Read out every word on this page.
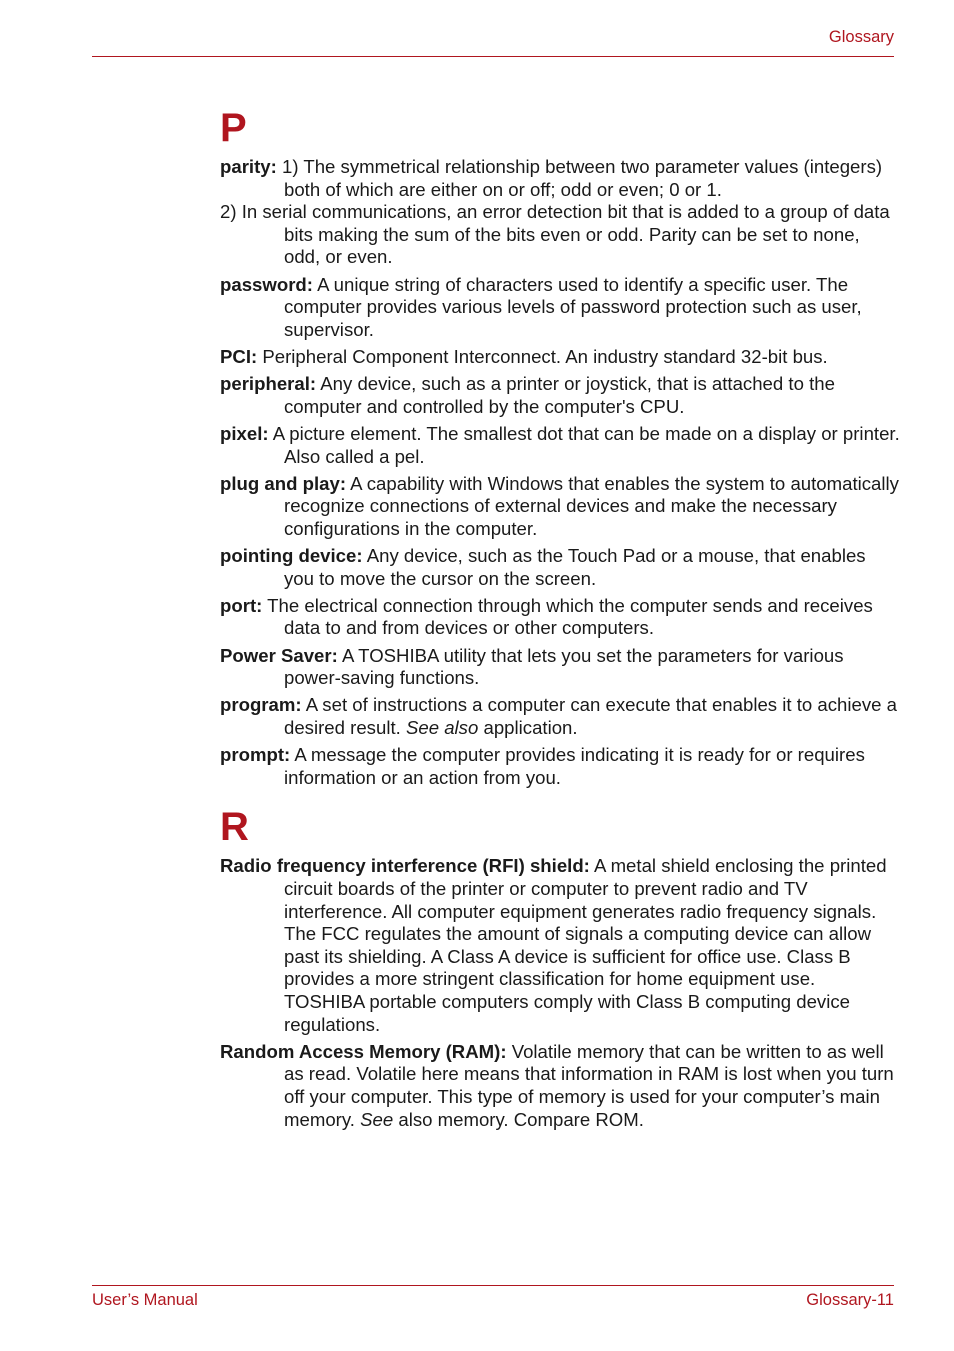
Glossary
P

parity: 1) The symmetrical relationship between two parameter values (integers) both of which are either on or off; odd or even; 0 or 1.
2) In serial communications, an error detection bit that is added to a group of data bits making the sum of the bits even or odd. Parity can be set to none, odd, or even.

password: A unique string of characters used to identify a specific user. The computer provides various levels of password protection such as user, supervisor.

PCI: Peripheral Component Interconnect. An industry standard 32-bit bus.

peripheral: Any device, such as a printer or joystick, that is attached to the computer and controlled by the computer's CPU.

pixel: A picture element. The smallest dot that can be made on a display or printer. Also called a pel.

plug and play: A capability with Windows that enables the system to automatically recognize connections of external devices and make the necessary configurations in the computer.

pointing device: Any device, such as the Touch Pad or a mouse, that enables you to move the cursor on the screen.

port: The electrical connection through which the computer sends and receives data to and from devices or other computers.

Power Saver: A TOSHIBA utility that lets you set the parameters for various power-saving functions.

program: A set of instructions a computer can execute that enables it to achieve a desired result. See also application.

prompt: A message the computer provides indicating it is ready for or requires information or an action from you.

R

Radio frequency interference (RFI) shield: A metal shield enclosing the printed circuit boards of the printer or computer to prevent radio and TV interference. All computer equipment generates radio frequency signals. The FCC regulates the amount of signals a computing device can allow past its shielding. A Class A device is sufficient for office use. Class B provides a more stringent classification for home equipment use. TOSHIBA portable computers comply with Class B computing device regulations.

Random Access Memory (RAM): Volatile memory that can be written to as well as read. Volatile here means that information in RAM is lost when you turn off your computer. This type of memory is used for your computer’s main memory. See also memory. Compare ROM.

User’s Manual	Glossary-11
